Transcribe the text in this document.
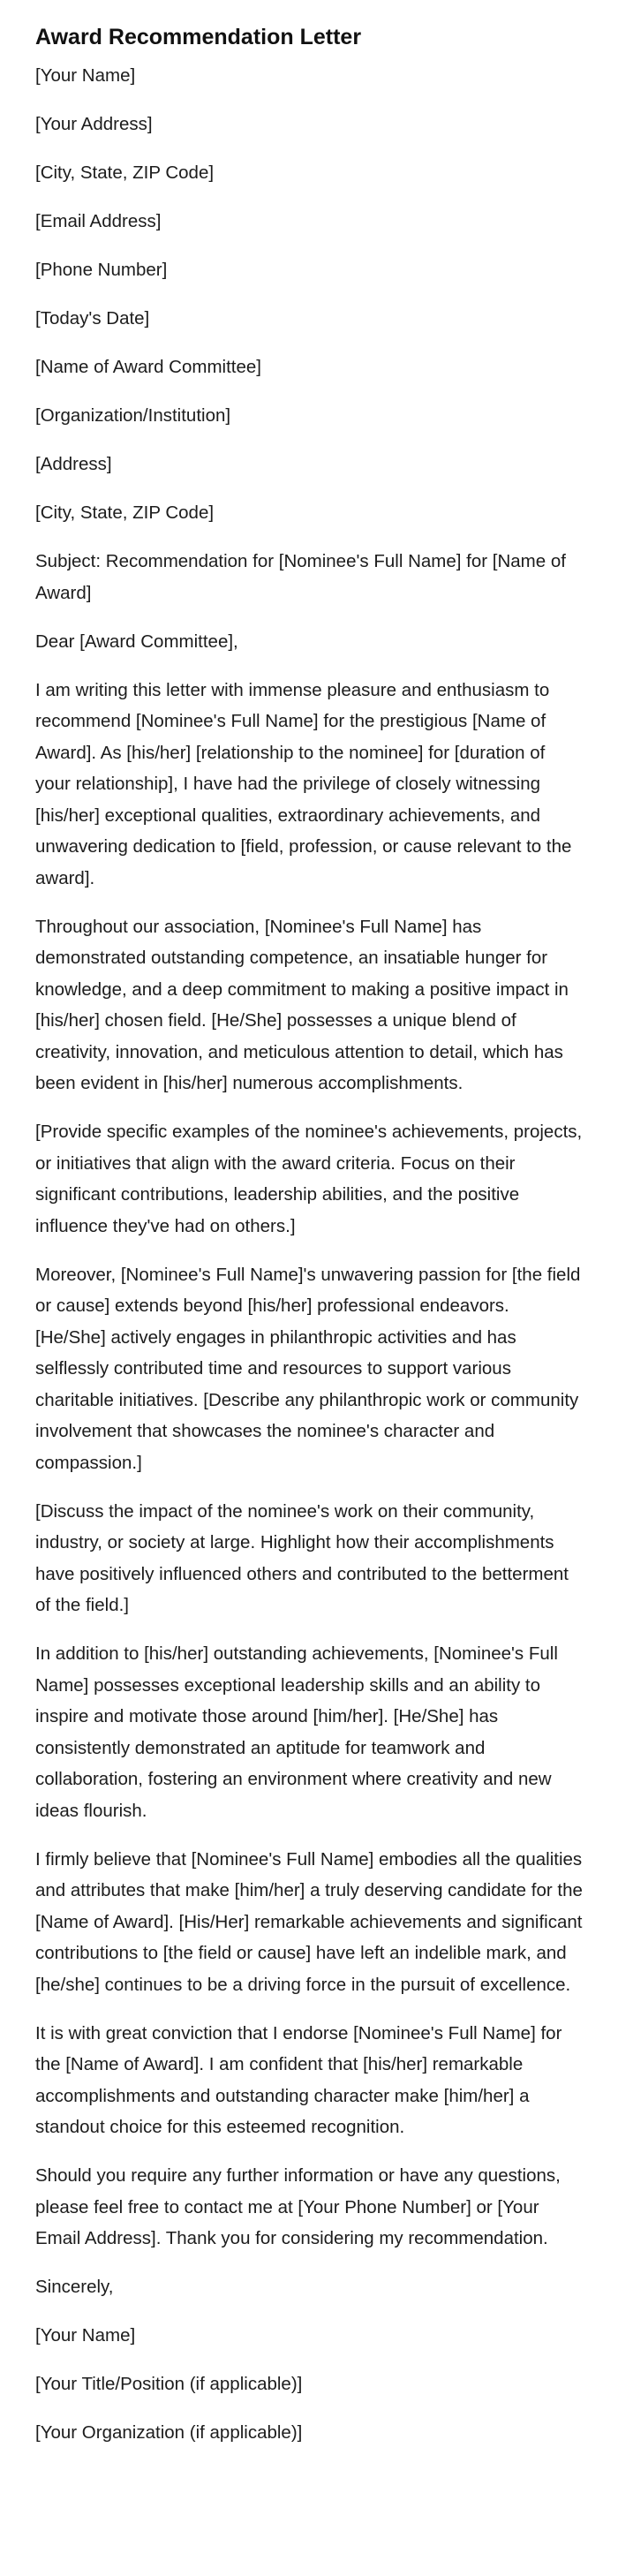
Award Recommendation Letter

[Your Name]

[Your Address]

[City, State, ZIP Code]

[Email Address]

[Phone Number]

[Today's Date]

[Name of Award Committee]

[Organization/Institution]

[Address]

[City, State, ZIP Code]

Subject: Recommendation for [Nominee's Full Name] for [Name of Award]

Dear [Award Committee],

I am writing this letter with immense pleasure and enthusiasm to recommend [Nominee's Full Name] for the prestigious [Name of Award]. As [his/her] [relationship to the nominee] for [duration of your relationship], I have had the privilege of closely witnessing [his/her] exceptional qualities, extraordinary achievements, and unwavering dedication to [field, profession, or cause relevant to the award].

Throughout our association, [Nominee's Full Name] has demonstrated outstanding competence, an insatiable hunger for knowledge, and a deep commitment to making a positive impact in [his/her] chosen field. [He/She] possesses a unique blend of creativity, innovation, and meticulous attention to detail, which has been evident in [his/her] numerous accomplishments.

[Provide specific examples of the nominee's achievements, projects, or initiatives that align with the award criteria. Focus on their significant contributions, leadership abilities, and the positive influence they've had on others.]

Moreover, [Nominee's Full Name]'s unwavering passion for [the field or cause] extends beyond [his/her] professional endeavors. [He/She] actively engages in philanthropic activities and has selflessly contributed time and resources to support various charitable initiatives. [Describe any philanthropic work or community involvement that showcases the nominee's character and compassion.]

[Discuss the impact of the nominee's work on their community, industry, or society at large. Highlight how their accomplishments have positively influenced others and contributed to the betterment of the field.]

In addition to [his/her] outstanding achievements, [Nominee's Full Name] possesses exceptional leadership skills and an ability to inspire and motivate those around [him/her]. [He/She] has consistently demonstrated an aptitude for teamwork and collaboration, fostering an environment where creativity and new ideas flourish.

I firmly believe that [Nominee's Full Name] embodies all the qualities and attributes that make [him/her] a truly deserving candidate for the [Name of Award]. [His/Her] remarkable achievements and significant contributions to [the field or cause] have left an indelible mark, and [he/she] continues to be a driving force in the pursuit of excellence.

It is with great conviction that I endorse [Nominee's Full Name] for the [Name of Award]. I am confident that [his/her] remarkable accomplishments and outstanding character make [him/her] a standout choice for this esteemed recognition.

Should you require any further information or have any questions, please feel free to contact me at [Your Phone Number] or [Your Email Address]. Thank you for considering my recommendation.

Sincerely,

[Your Name]

[Your Title/Position (if applicable)]

[Your Organization (if applicable)]
